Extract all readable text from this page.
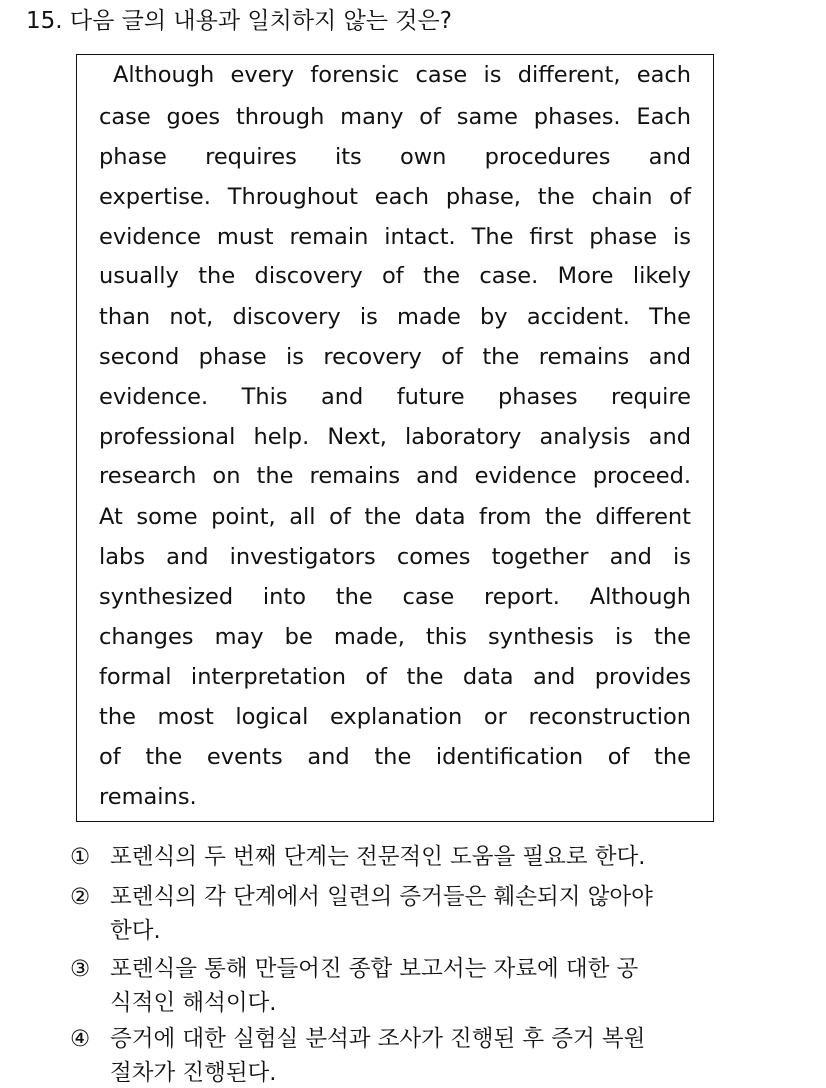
15. 다음 글의 내용과 일치하지 않는 것은?
Although every forensic case is different, each
case goes through many of same phases. Each
phase requires its own procedures and
expertise. Throughout each phase, the chain of
evidence must remain intact. The first phase is
usually the discovery of the case. More likely
than not, discovery is made by accident. The
second phase is recovery of the remains and
evidence. This and future phases require
professional help. Next, laboratory analysis and
research on the remains and evidence proceed.
At some point, all of the data from the different
labs and investigators comes together and is
synthesized into the case report. Although
changes may be made, this synthesis is the
formal interpretation of the data and provides
the most logical explanation or reconstruction
of the events and the identification of the
remains.
① 포렌식의 두 번째 단계는 전문적인 도움을 필요로 한다.
② 포렌식의 각 단계에서 일련의 증거들은 훼손되지 않아야
한다.
③ 포렌식을 통해 만들어진 종합 보고서는 자료에 대한 공
식적인 해석이다.
④ 증거에 대한 실험실 분석과 조사가 진행된 후 증거 복원
절차가 진행된다.
